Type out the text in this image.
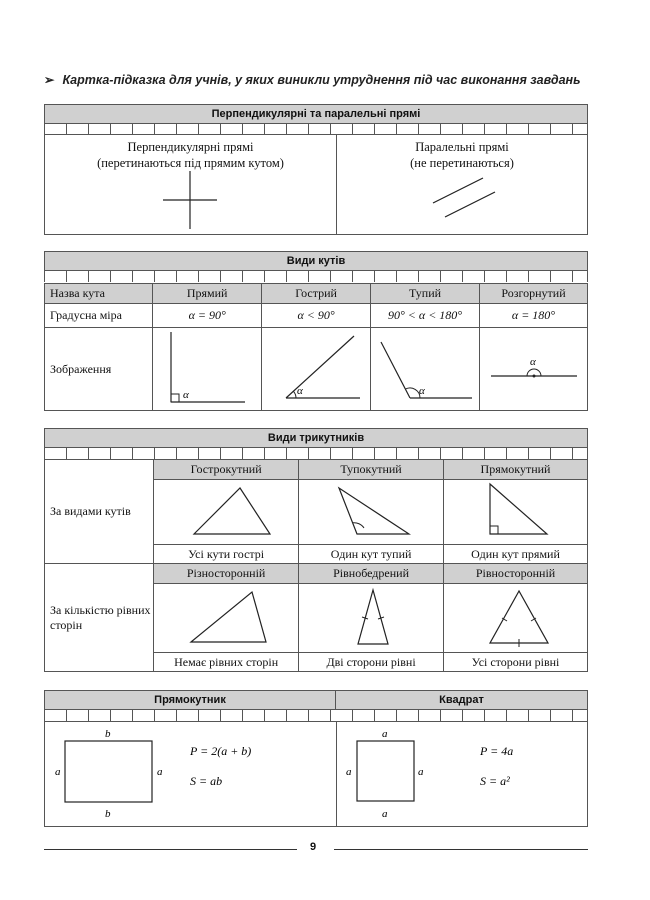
➢ Картка-підказка для учнів, у яких виникли утруднення під час виконання завдань
Перпендикулярні та паралельні прямі
Перпендикулярні прямі
(перетинаються під прямим кутом)
Паралельні прямі
(не перетинаються)
Види кутів
Назва кута	Прямий	Гострий	Тупий	Розгорнутий
Градусна міра	α = 90°	α < 90°	90° < α < 180°	α = 180°
Зображення	α	α	α	α
Види трикутників
За видами кутів	Гострокутний	Тупокутний	Прямокутний

	Усі кути гострі	Один кут тупий	Один кут прямий
За кількістю рівних сторін	Різносторонній	Рівнобедрений	Рівносторонній

	Немає рівних сторін	Дві сторони рівні	Усі сторони рівні
Прямокутник	Квадрат
b
b
a	a
P = 2(a + b)
S = ab
a
a
a	a
P = 4a
S = a²
9
